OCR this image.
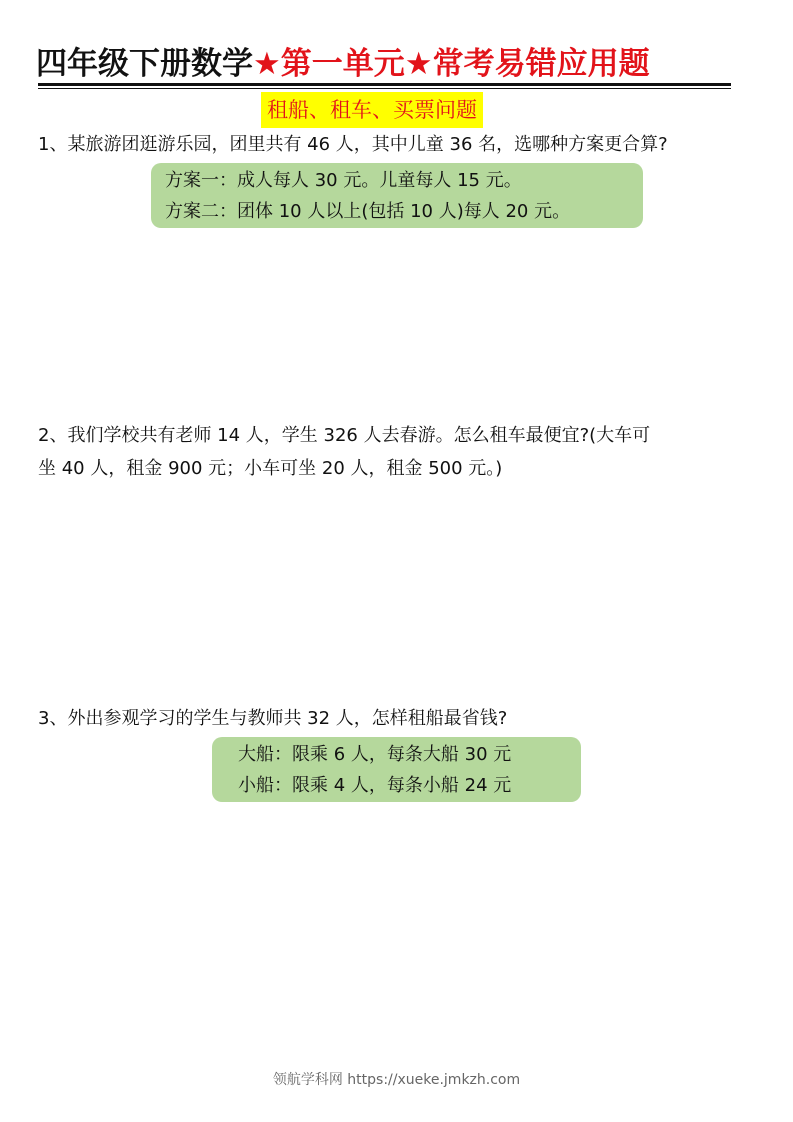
四年级下册数学★第一单元★常考易错应用题
租船、租车、买票问题
1、某旅游团逛游乐园，团里共有 46 人，其中儿童 36 名，选哪种方案更合算?
方案一：成人每人 30 元。儿童每人 15 元。
方案二：团体 10 人以上(包括 10 人)每人 20 元。
2、我们学校共有老师 14 人，学生 326 人去春游。怎么租车最便宜?(大车可
坐 40 人，租金 900 元；小车可坐 20 人，租金 500 元。)
3、外出参观学习的学生与教师共 32 人，怎样租船最省钱?
大船：限乘 6 人，每条大船 30 元
小船：限乘 4 人，每条小船 24 元
领航学科网 https://xueke.jmkzh.com
